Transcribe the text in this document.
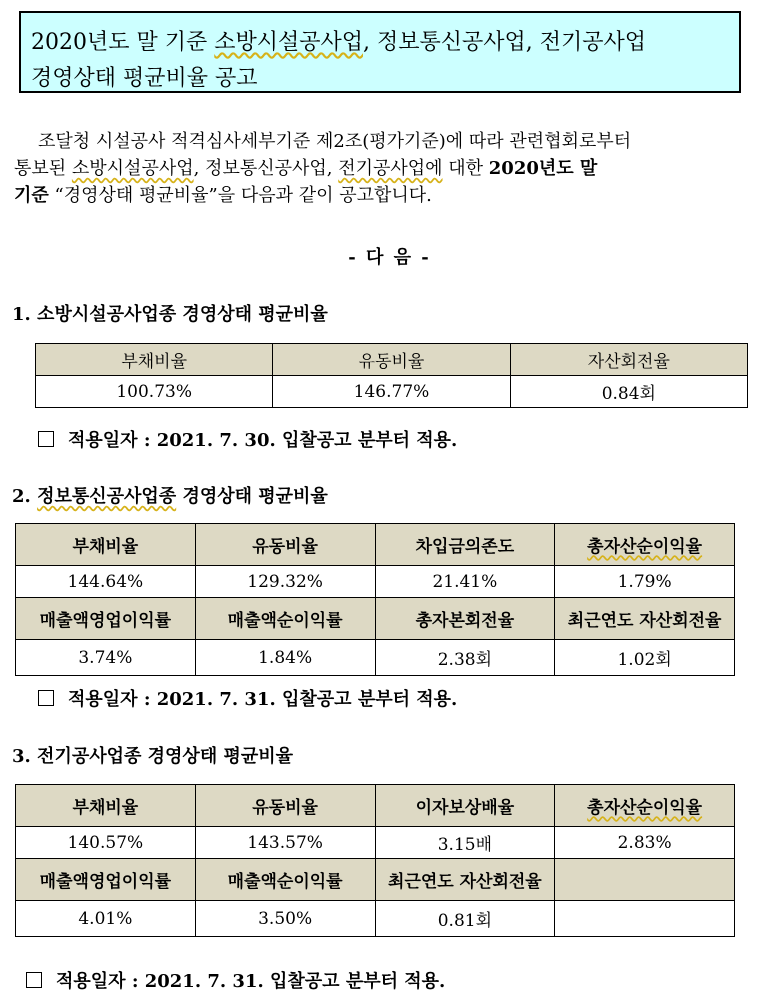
2020년도 말 기준 소방시설공사업, 정보통신공사업, 전기공사업
경영상태 평균비율 공고

조달청 시설공사 적격심사세부기준 제2조(평가기준)에 따라 관련협회로부터

통보된 소방시설공사업, 정보통신공사업, 전기공사업에 대한 2020년도 말

기준 “경영상태 평균비율”을 다음과 같이 공고합니다.

- 다 음 -
1. 소방시설공사업종 경영상태 평균비율
부채비율	유동비율	자산회전율
100.73%	146.77%	0.84회
적용일자 : 2021. 7. 30. 입찰공고 분부터 적용.
2. 정보통신공사업종 경영상태 평균비율
부채비율	유동비율	차입금의존도	총자산순이익율
144.64%	129.32%	21.41%	1.79%
매출액영업이익률	매출액순이익률	총자본회전율	최근연도 자산회전율
3.74%	1.84%	2.38회	1.02회
적용일자 : 2021. 7. 31. 입찰공고 분부터 적용.
3. 전기공사업종 경영상태 평균비율
부채비율	유동비율	이자보상배율	총자산순이익율
140.57%	143.57%	3.15배	2.83%
매출액영업이익률	매출액순이익률	최근연도 자산회전율	
4.01%	3.50%	0.81회	
적용일자 : 2021. 7. 31. 입찰공고 분부터 적용.
